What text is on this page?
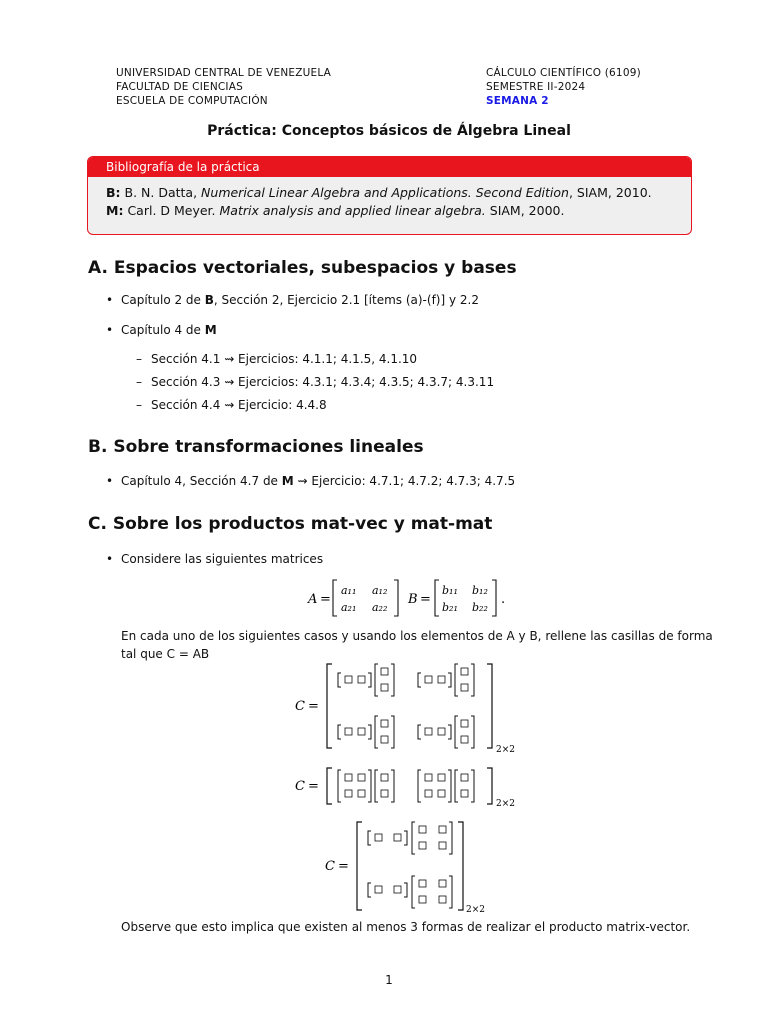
UNIVERSIDAD CENTRAL DE VENEZUELA
FACULTAD DE CIENCIAS
ESCUELA DE COMPUTACIÓN
CÁLCULO CIENTÍFICO (6109)
SEMESTRE II-2024
SEMANA 2
Práctica: Conceptos básicos de Álgebra Lineal
Bibliografía de la práctica
B: B. N. Datta, Numerical Linear Algebra and Applications. Second Edition, SIAM, 2010.
M: Carl. D Meyer. Matrix analysis and applied linear algebra. SIAM, 2000.
A. Espacios vectoriales, subespacios y bases
• Capítulo 2 de B, Sección 2, Ejercicio 2.1 [ítems (a)-(f)] y 2.2
• Capítulo 4 de M
– Sección 4.1 ⇝ Ejercicios: 4.1.1; 4.1.5, 4.1.10
– Sección 4.3 ⇝ Ejercicios: 4.3.1; 4.3.4; 4.3.5; 4.3.7; 4.3.11
– Sección 4.4 ⇝ Ejercicio: 4.4.8
B. Sobre transformaciones lineales
• Capítulo 4, Sección 4.7 de M ⇝ Ejercicio: 4.7.1; 4.7.2; 4.7.3; 4.7.5
C. Sobre los productos mat-vec y mat-mat
• Considere las siguientes matrices
A =
a₁₁ a₁₂
a₂₁ a₂₂
B =
b₁₁ b₁₂
b₂₁ b₂₂
.
En cada uno de los siguientes casos y usando los elementos de A y B, rellene las casillas de forma
tal que C = AB
C =
2×2
C =
2×2
C =
2×2
Observe que esto implica que existen al menos 3 formas de realizar el producto matrix-vector.
1
